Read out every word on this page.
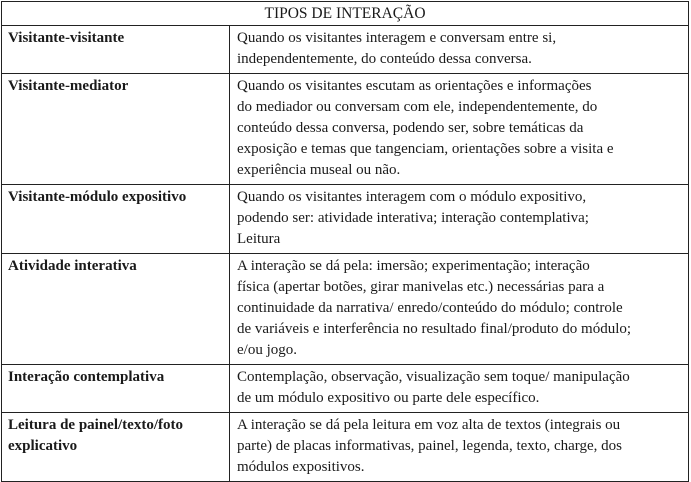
TIPOS DE INTERAÇÃO	

Visitante-visitante	Quando os visitantes interagem e conversam entre si,
independentemente, do conteúdo dessa conversa.

Visitante-mediator	Quando os visitantes escutam as orientações e informações
do mediador ou conversam com ele, independentemente, do
conteúdo dessa conversa, podendo ser, sobre temáticas da
exposição e temas que tangenciam, orientações sobre a visita e
experiência museal ou não.

Visitante-módulo expositivo	Quando os visitantes interagem com o módulo expositivo,
podendo ser: atividade interativa; interação contemplativa;
Leitura

Atividade interativa	A interação se dá pela: imersão; experimentação; interação
física (apertar botões, girar manivelas etc.) necessárias para a
continuidade da narrativa/ enredo/conteúdo do módulo; controle
de variáveis e interferência no resultado final/produto do módulo;
e/ou jogo.

Interação contemplativa	Contemplação, observação, visualização sem toque/ manipulação
de um módulo expositivo ou parte dele específico.

Leitura de painel/texto/foto
explicativo	A interação se dá pela leitura em voz alta de textos (integrais ou
parte) de placas informativas, painel, legenda, texto, charge, dos
módulos expositivos.
